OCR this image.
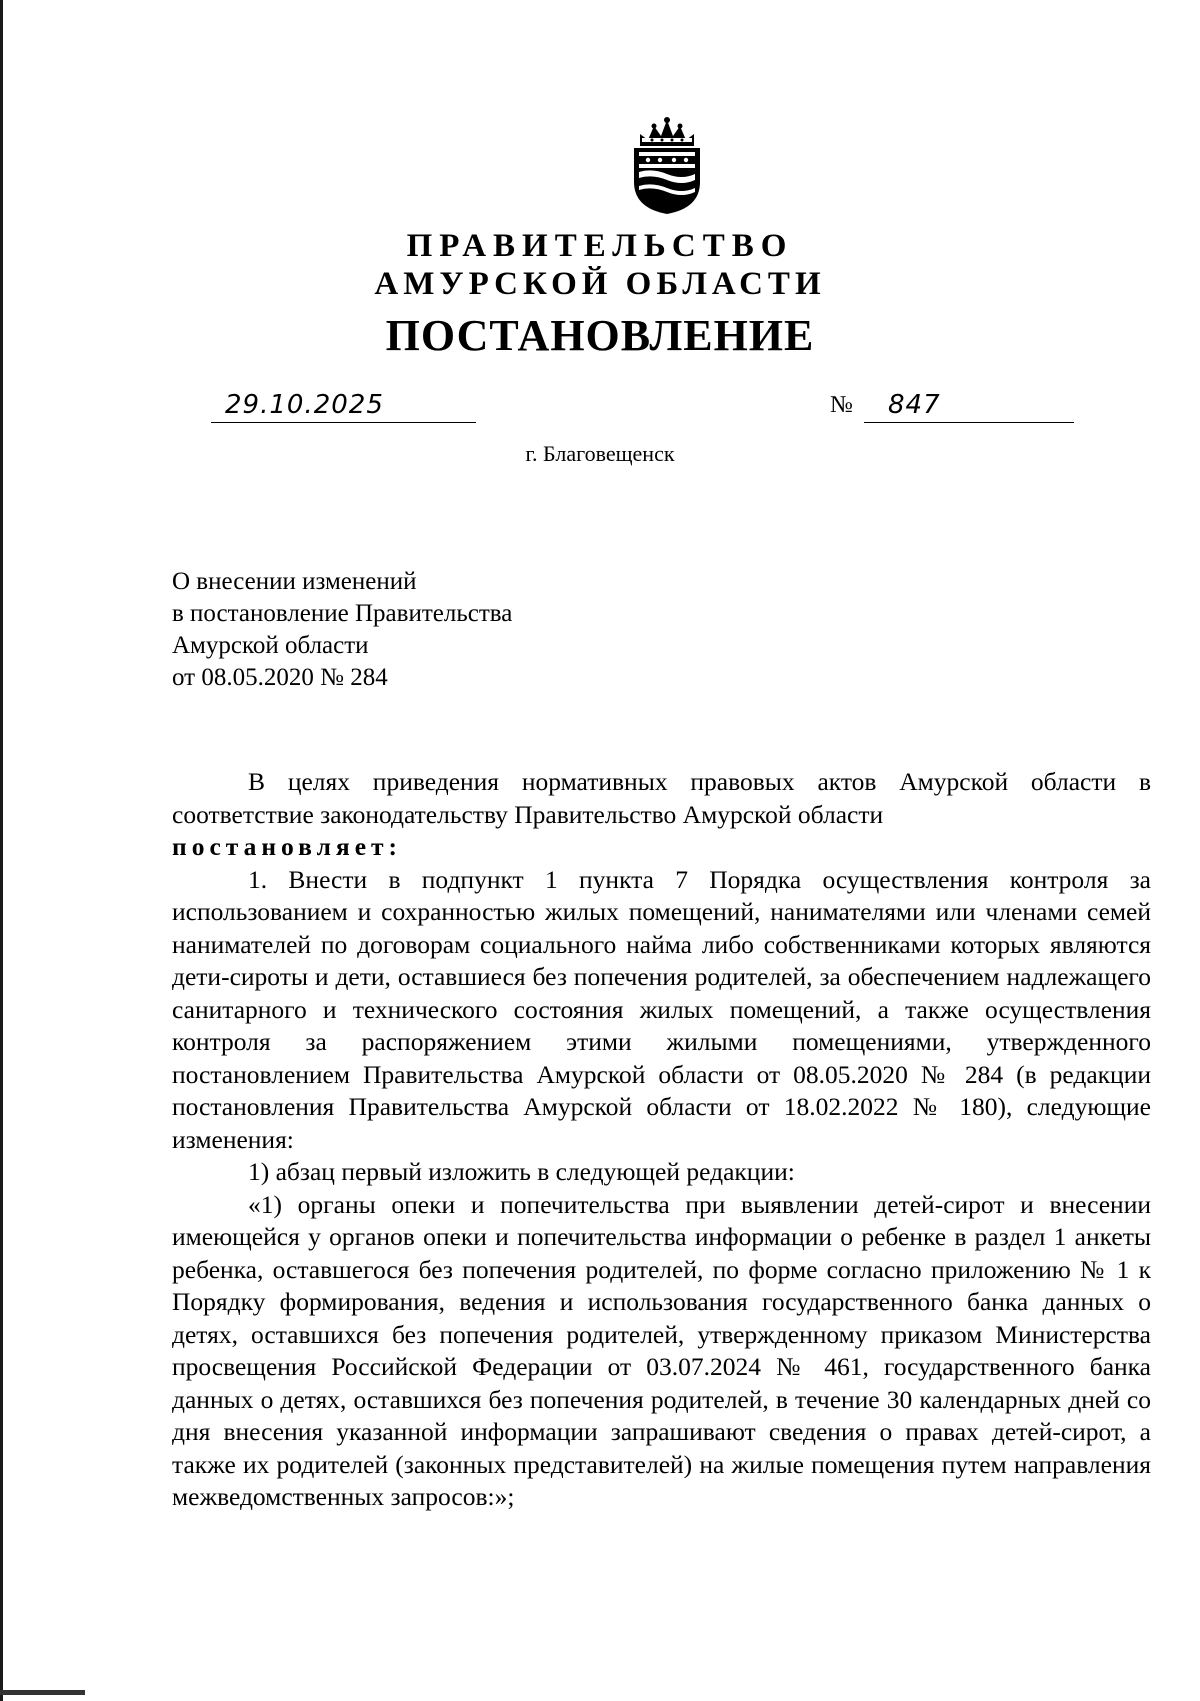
ПРАВИТЕЛЬСТВО
АМУРСКОЙ ОБЛАСТИ
ПОСТАНОВЛЕНИЕ
29.10.2025	№ 847
г. Благовещенск
О внесении изменений
в постановление Правительства
Амурской области
от 08.05.2020 № 284

В целях приведения нормативных правовых актов Амурской области в соответствие законодательству Правительство Амурской области

постановляет:

1. Внести в подпункт 1 пункта 7 Порядка осуществления контроля за использованием и сохранностью жилых помещений, нанимателями или членами семей нанимателей по договорам социального найма либо собственниками которых являются дети-сироты и дети, оставшиеся без попечения родителей, за обеспечением надлежащего санитарного и технического состояния жилых помещений, а также осуществления контроля за распоряжением этими жилыми помещениями, утвержденного постановлением Правительства Амурской области от 08.05.2020 № 284 (в редакции постановления Правительства Амурской области от 18.02.2022 № 180), следующие изменения:

1) абзац первый изложить в следующей редакции:

«1) органы опеки и попечительства при выявлении детей-сирот и внесении имеющейся у органов опеки и попечительства информации о ребенке в раздел 1 анкеты ребенка, оставшегося без попечения родителей, по форме согласно приложению № 1 к Порядку формирования, ведения и использования государственного банка данных о детях, оставшихся без попечения родителей, утвержденному приказом Министерства просвещения Российской Федерации от 03.07.2024 № 461, государственного банка данных о детях, оставшихся без попечения родителей, в течение 30 календарных дней со дня внесения указанной информации запрашивают сведения о правах детей-сирот, а также их родителей (законных представителей) на жилые помещения путем направления межведомственных запросов:»;
